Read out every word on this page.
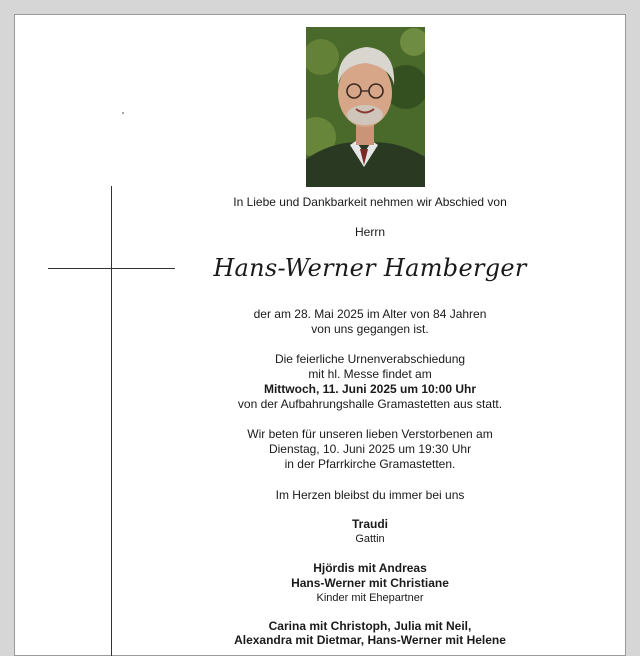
In Liebe und Dankbarkeit nehmen wir Abschied von

Herrn

Hans-Werner Hamberger

der am 28. Mai 2025 im Alter von 84 Jahren

von uns gegangen ist.

Die feierliche Urnenverabschiedung

mit hl. Messe findet am

Mittwoch, 11. Juni 2025 um 10:00 Uhr

von der Aufbahrungshalle Gramastetten aus statt.

Wir beten für unseren lieben Verstorbenen am

Dienstag, 10. Juni 2025 um 19:30 Uhr

in der Pfarrkirche Gramastetten.

Im Herzen bleibst du immer bei uns

Traudi

Gattin

Hjördis mit Andreas

Hans-Werner mit Christiane

Kinder mit Ehepartner

Carina mit Christoph, Julia mit Neil,

Alexandra mit Dietmar, Hans-Werner mit Helene
